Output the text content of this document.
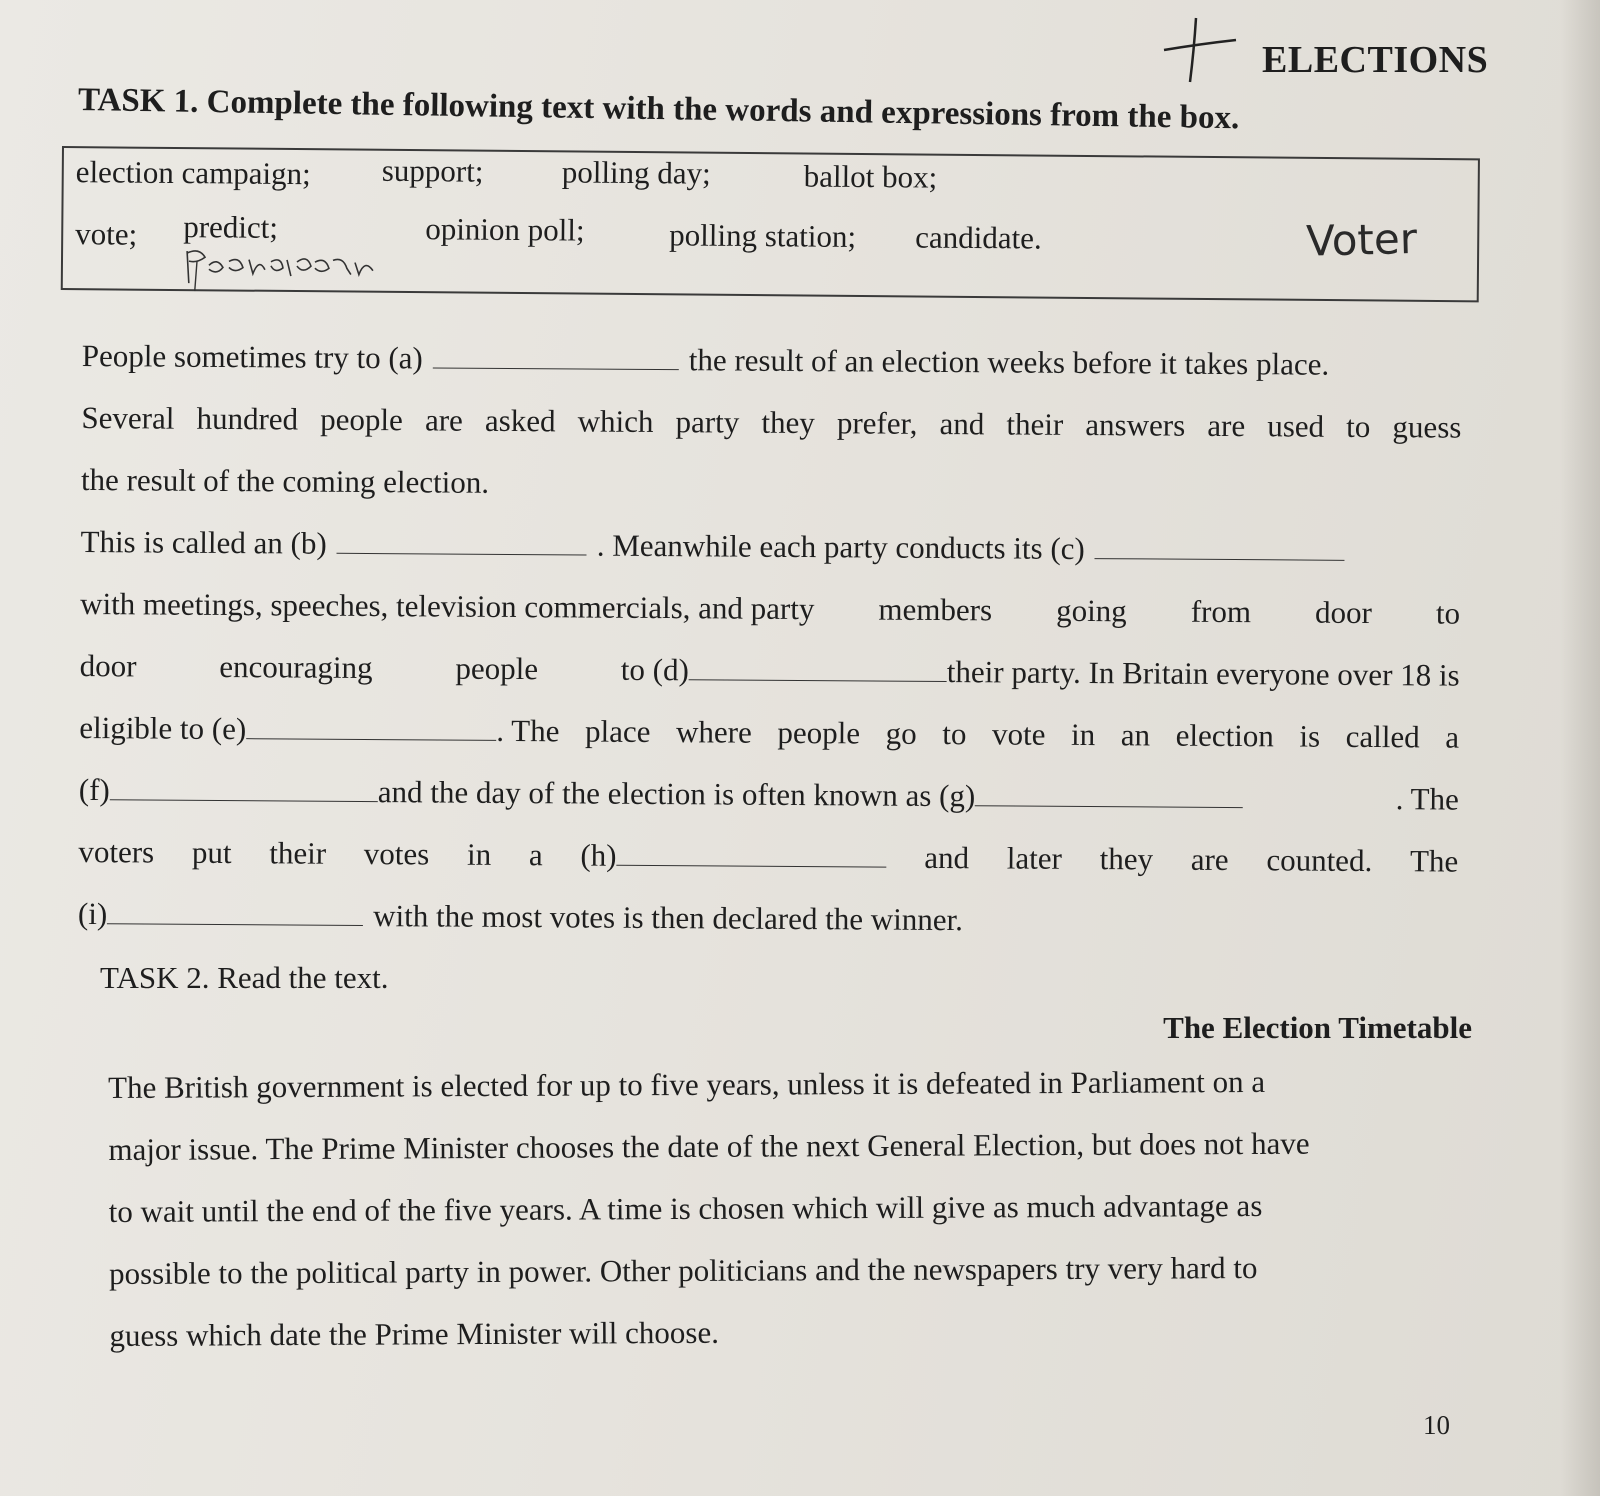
ELECTIONS
TASK 1. Complete the following text with the words and expressions from the box.
election campaign; support;	polling day;	ballot box;
vote; predict;	opinion poll;	polling station; candidate.	Voter
People sometimes try to (a)	the result of an election weeks before it takes place.
Several hundred people are asked which party they prefer, and their answers are used to guess
the result of the coming election.
This is called an (b)	. Meanwhile each party conducts its (c)
with meetings, speeches, television commercials, and party members going from door to
door	encouraging	people	to (d)	their party. In Britain everyone over 18 is
eligible to (e)	. The place where people go to vote in an election is called a
(f)	and the day of the election is often known as (g)	. The
voters put their votes in a (h)	and later they are counted. The
(i)	with the most votes is then declared the winner.
TASK 2. Read the text.
The Election Timetable
The British government is elected for up to five years, unless it is defeated in Parliament on a
major issue. The Prime Minister chooses the date of the next General Election, but does not have
to wait until the end of the five years. A time is chosen which will give as much advantage as
possible to the political party in power. Other politicians and the newspapers try very hard to
guess which date the Prime Minister will choose.
10
